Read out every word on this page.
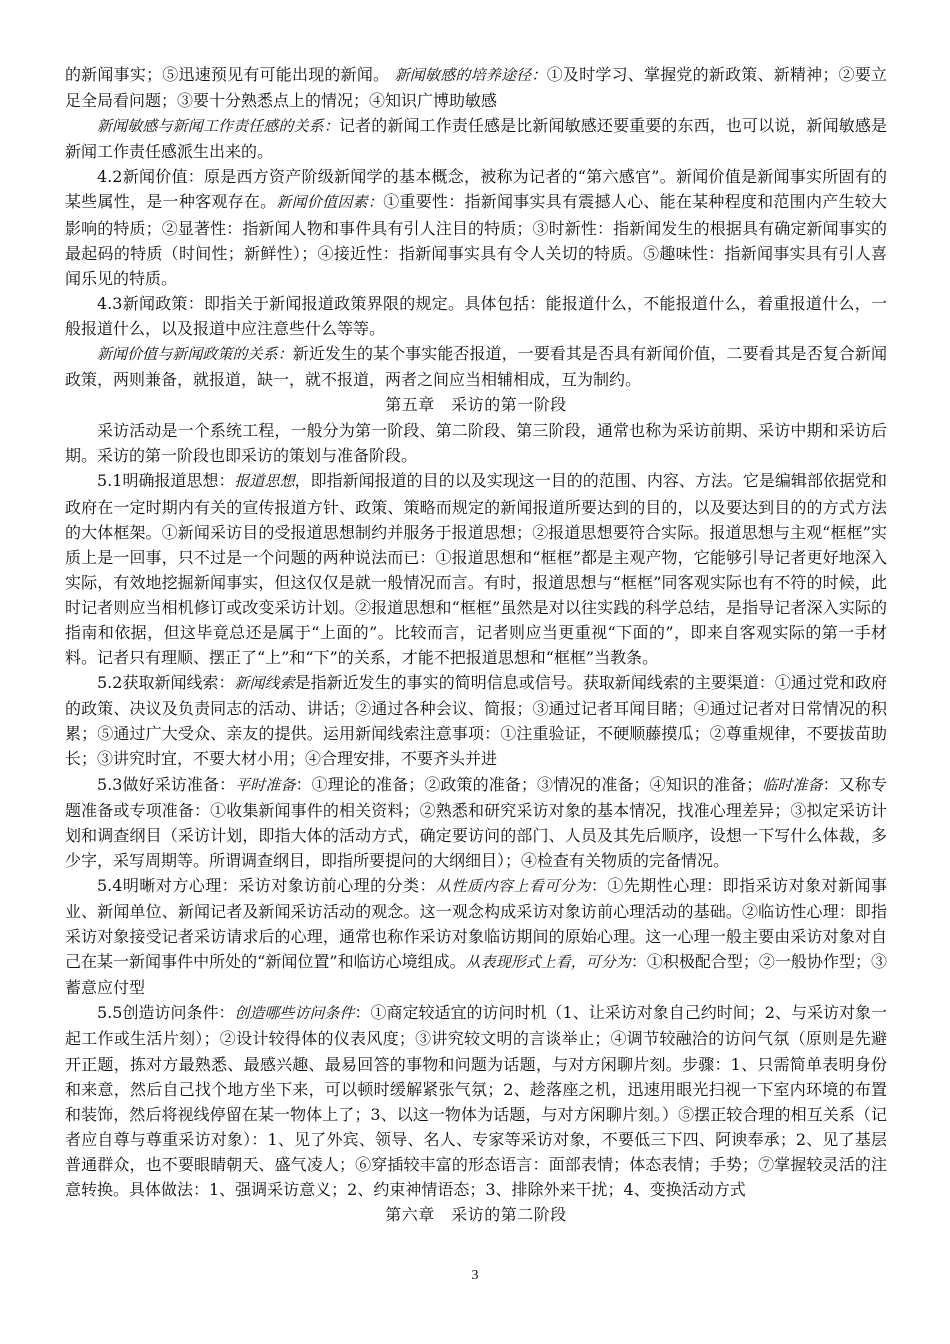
的新闻事实；⑤迅速预见有可能出现的新闻。 新闻敏感的培养途径：①及时学习、掌握党的新政策、新精神；②要立足全局看问题；③要十分熟悉点上的情况；④知识广博助敏感

新闻敏感与新闻工作责任感的关系：记者的新闻工作责任感是比新闻敏感还要重要的东西，也可以说，新闻敏感是新闻工作责任感派生出来的。

4.2新闻价值：原是西方资产阶级新闻学的基本概念，被称为记者的“第六感官”。新闻价值是新闻事实所固有的某些属性，是一种客观存在。新闻价值因素：①重要性：指新闻事实具有震撼人心、能在某种程度和范围内产生较大影响的特质；②显著性：指新闻人物和事件具有引人注目的特质；③时新性：指新闻发生的根据具有确定新闻事实的最起码的特质（时间性；新鲜性）；④接近性：指新闻事实具有令人关切的特质。⑤趣味性：指新闻事实具有引人喜闻乐见的特质。

4.3新闻政策：即指关于新闻报道政策界限的规定。具体包括：能报道什么，不能报道什么，着重报道什么，一般报道什么，以及报道中应注意些什么等等。

新闻价值与新闻政策的关系：新近发生的某个事实能否报道，一要看其是否具有新闻价值，二要看其是否复合新闻政策，两则兼备，就报道，缺一，就不报道，两者之间应当相辅相成，互为制约。

第五章　采访的第一阶段

采访活动是一个系统工程，一般分为第一阶段、第二阶段、第三阶段，通常也称为采访前期、采访中期和采访后期。采访的第一阶段也即采访的策划与准备阶段。

5.1明确报道思想：报道思想，即指新闻报道的目的以及实现这一目的的范围、内容、方法。它是编辑部依据党和政府在一定时期内有关的宣传报道方针、政策、策略而规定的新闻报道所要达到的目的，以及要达到目的的方式方法的大体框架。①新闻采访目的受报道思想制约并服务于报道思想；②报道思想要符合实际。报道思想与主观“框框”实质上是一回事，只不过是一个问题的两种说法而已：①报道思想和“框框”都是主观产物，它能够引导记者更好地深入实际，有效地挖掘新闻事实，但这仅仅是就一般情况而言。有时，报道思想与“框框”同客观实际也有不符的时候，此时记者则应当相机修订或改变采访计划。②报道思想和“框框”虽然是对以往实践的科学总结，是指导记者深入实际的指南和依据，但这毕竟总还是属于“上面的”。比较而言，记者则应当更重视“下面的”，即来自客观实际的第一手材料。记者只有理顺、摆正了“上”和“下”的关系，才能不把报道思想和“框框”当教条。

5.2获取新闻线索：新闻线索是指新近发生的事实的简明信息或信号。获取新闻线索的主要渠道：①通过党和政府的政策、决议及负责同志的活动、讲话；②通过各种会议、简报；③通过记者耳闻目睹；④通过记者对日常情况的积累；⑤通过广大受众、亲友的提供。运用新闻线索注意事项：①注重验证，不硬顺藤摸瓜；②尊重规律，不要拔苗助长；③讲究时宜，不要大材小用；④合理安排，不要齐头并进

5.3做好采访准备：平时准备：①理论的准备；②政策的准备；③情况的准备；④知识的准备；临时准备：又称专题准备或专项准备：①收集新闻事件的相关资料；②熟悉和研究采访对象的基本情况，找准心理差异；③拟定采访计划和调查纲目（采访计划，即指大体的活动方式，确定要访问的部门、人员及其先后顺序，设想一下写什么体裁，多少字，采写周期等。所谓调查纲目，即指所要提问的大纲细目）；④检查有关物质的完备情况。

5.4明晰对方心理：采访对象访前心理的分类：从性质内容上看可分为：①先期性心理：即指采访对象对新闻事业、新闻单位、新闻记者及新闻采访活动的观念。这一观念构成采访对象访前心理活动的基础。②临访性心理：即指采访对象接受记者采访请求后的心理，通常也称作采访对象临访期间的原始心理。这一心理一般主要由采访对象对自己在某一新闻事件中所处的“新闻位置”和临访心境组成。从表现形式上看，可分为：①积极配合型；②一般协作型；③蓄意应付型

5.5创造访问条件：创造哪些访问条件：①商定较适宜的访问时机（1、让采访对象自己约时间；2、与采访对象一起工作或生活片刻）；②设计较得体的仪表风度；③讲究较文明的言谈举止；④调节较融洽的访问气氛（原则是先避开正题，拣对方最熟悉、最感兴趣、最易回答的事物和问题为话题，与对方闲聊片刻。步骤：1、只需简单表明身份和来意，然后自己找个地方坐下来，可以顿时缓解紧张气氛；2、趁落座之机，迅速用眼光扫视一下室内环境的布置和装饰，然后将视线停留在某一物体上了；3、以这一物体为话题，与对方闲聊片刻。）⑤摆正较合理的相互关系（记者应自尊与尊重采访对象）：1、见了外宾、领导、名人、专家等采访对象，不要低三下四、阿谀奉承；2、见了基层普通群众，也不要眼睛朝天、盛气凌人；⑥穿插较丰富的形态语言：面部表情；体态表情；手势；⑦掌握较灵活的注意转换。具体做法：1、强调采访意义；2、约束神情语态；3、排除外来干扰；4、变换活动方式

第六章　采访的第二阶段
3
